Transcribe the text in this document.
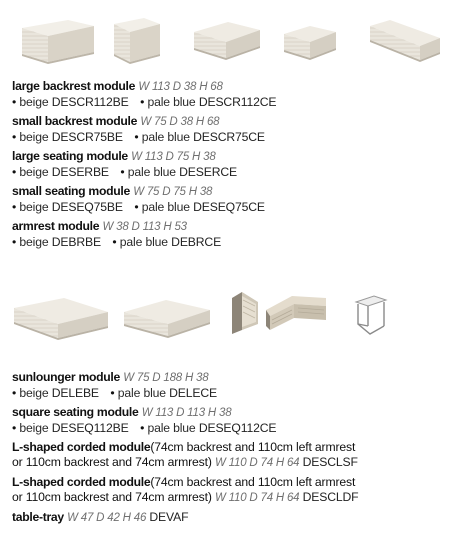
large backrest module W 113 D 38 H 68
• beige DESCR112BE • pale blue DESCR112CE
small backrest module W 75 D 38 H 68
• beige DESCR75BE • pale blue DESCR75CE
large seating module W 113 D 75 H 38
• beige DESERBE • pale blue DESERCE
small seating module W 75 D 75 H 38
• beige DESEQ75BE • pale blue DESEQ75CE
armrest module W 38 D 113 H 53
• beige DEBRBE • pale blue DEBRCE
sunlounger module W 75 D 188 H 38
• beige DELEBE • pale blue DELECE
square seating module W 113 D 113 H 38
• beige DESEQ112BE • pale blue DESEQ112CE
L-shaped corded module(74cm backrest and 110cm left armrest
or 110cm backrest and 74cm armrest) W 110 D 74 H 64 DESCLSF
L-shaped corded module(74cm backrest and 110cm left armrest
or 110cm backrest and 74cm armrest) W 110 D 74 H 64 DESCLDF
table-tray W 47 D 42 H 46 DEVAF
